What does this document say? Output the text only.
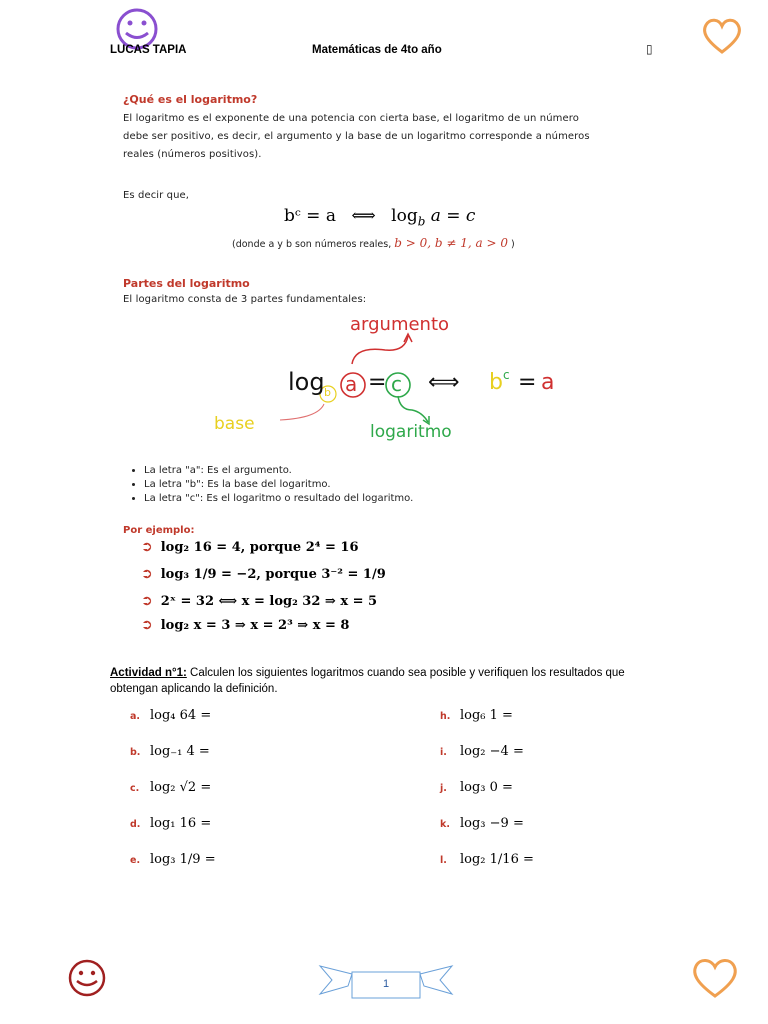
LUCAS TAPIA	Matemáticas de 4to año	▯
¿Qué es el logaritmo?
El logaritmo es el exponente de una potencia con cierta base, el logaritmo de un número
debe ser positivo, es decir, el argumento y la base de un logaritmo corresponde a números
reales (números positivos).
Es decir que,
bᶜ = a ⟺ $\log_b a = c$
(donde a y b son números reales, b > 0, b ≠ 1, a > 0 )
Partes del logaritmo
El logaritmo consta de 3 partes fundamentales:
argumento
log b a = c ⟺ b c = a
base	logaritmo
• La letra "a": Es el argumento.
• La letra "b": Es la base del logaritmo.
• La letra "c": Es el logaritmo o resultado del logaritmo.
Por ejemplo:
➲ log₂ 16 = 4, porque 2⁴ = 16
➲ log₃ 1/9 = −2, porque 3⁻² = 1/9
➲ 2ˣ = 32 ⟺ x = log₂ 32 ⇒ x = 5
➲ log₂ x = 3 ⇒ x = 2³ ⇒ x = 8
Actividad n°1: Calculen los siguientes logaritmos cuando sea posible y verifiquen los resultados que
obtengan aplicando la definición.
a. log₄ 64 =
b. log₋₁ 4 =
c. log₂ √2 =
d. log₁ 16 =
e. log₃ 1/9 =
h. log₆ 1 =
i. log₂ −4 =
j. log₃ 0 =
k. log₃ −9 =
l. log₂ 1/16 =
1
